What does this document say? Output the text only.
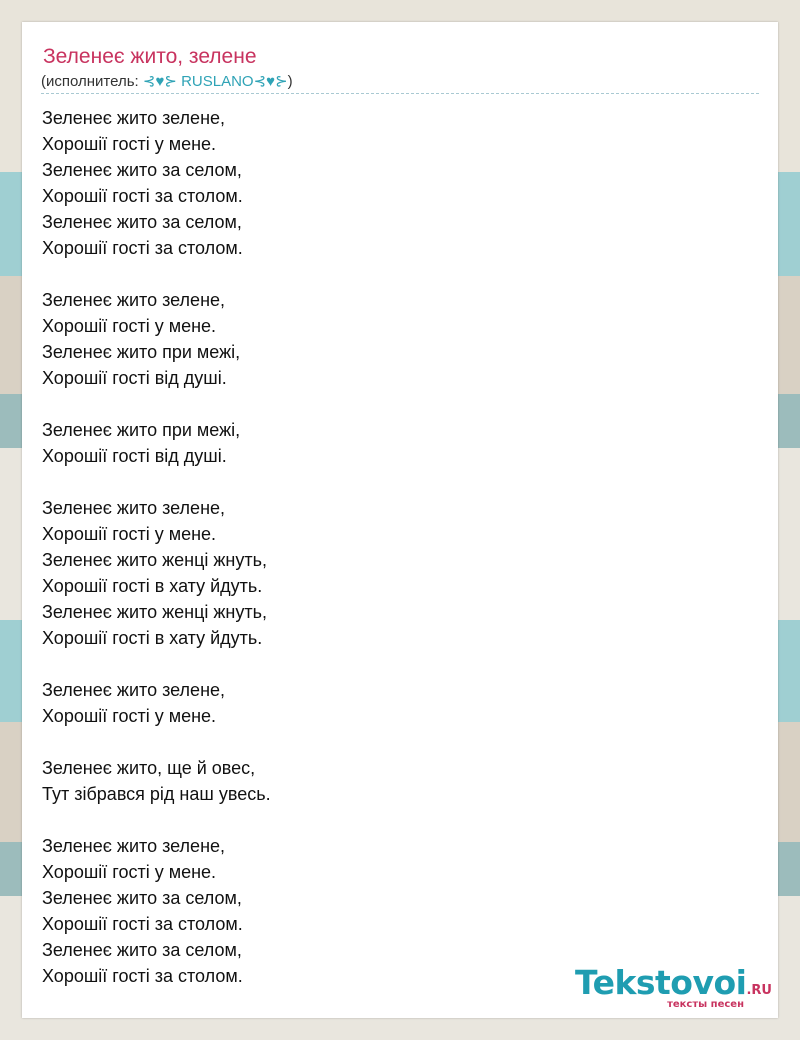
Зеленеє жито, зелене
(исполнитель: ⊰♥⊱ RUSLANO⊰♥⊱)
Зеленеє жито зелене,
Хорошії гості у мене.
Зеленеє жито за селом,
Хорошії гості за столом.
Зеленеє жито за селом,
Хорошії гості за столом.
Зеленеє жито зелене,
Хорошії гості у мене.
Зеленеє жито при межі,
Хорошії гості від душі.
Зеленеє жито при межі,
Хорошії гості від душі.
Зеленеє жито зелене,
Хорошії гості у мене.
Зеленеє жито женці жнуть,
Хорошії гості в хату йдуть.
Зеленеє жито женці жнуть,
Хорошії гості в хату йдуть.
Зеленеє жито зелене,
Хорошії гості у мене.
Зеленеє жито, ще й овес,
Тут зібрався рід наш увесь.
Зеленеє жито зелене,
Хорошії гості у мене.
Зеленеє жито за селом,
Хорошії гості за столом.
Зеленеє жито за селом,
Хорошії гості за столом.	Tekstovoi.RU
тексты песен
